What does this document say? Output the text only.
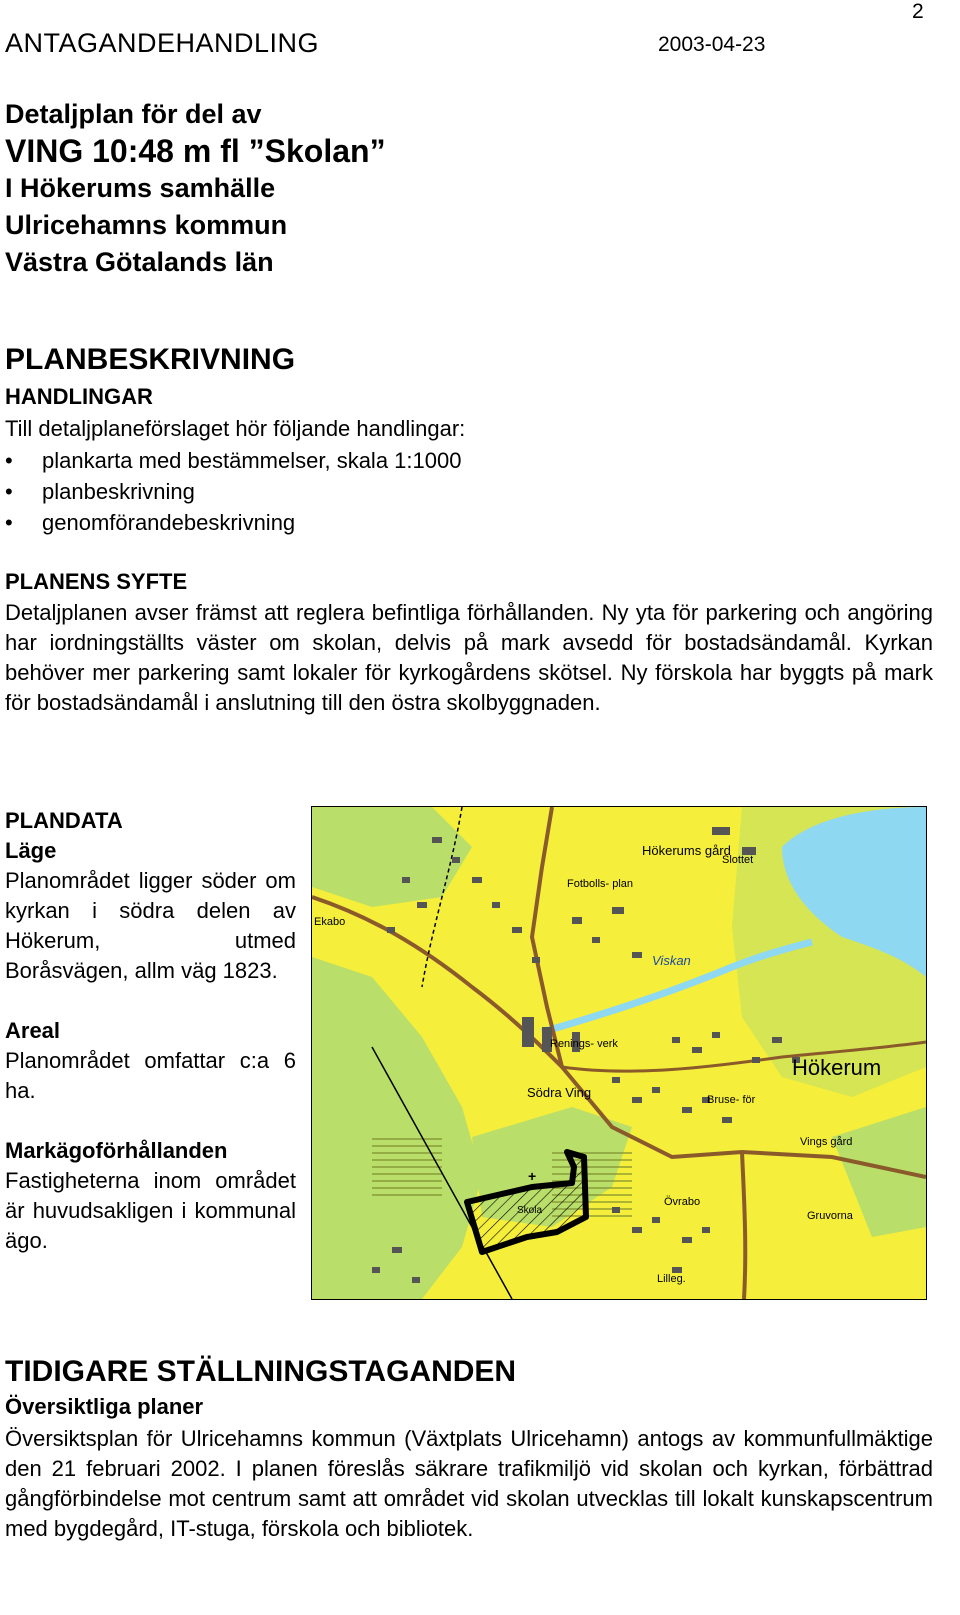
ANTAGANDEHANDLING	2003-04-23
2
Detaljplan för del av
VING 10:48 m fl ”Skolan”
I Hökerums samhälle
Ulricehamns kommun
Västra Götalands län
PLANBESKRIVNING
HANDLINGAR
Till detaljplaneförslaget hör följande handlingar:
• plankarta med bestämmelser, skala 1:1000
• planbeskrivning
• genomförandebeskrivning
PLANENS SYFTE
Detaljplanen avser främst att reglera befintliga förhållanden. Ny yta för parkering och angöring har iordningställts väster om skolan, delvis på mark avsedd för bostadsändamål. Kyrkan behöver mer parkering samt lokaler för kyrkogårdens skötsel. Ny förskola har byggts på mark för bostadsändamål i anslutning till den östra skolbyggnaden.
PLANDATA
Läge
Planområdet ligger söder om kyrkan i södra delen av Hökerum, utmed Boråsvägen, allm väg 1823.
Areal
Planområdet omfattar c:a 6 ha.
Markägoförhållanden
Fastigheterna inom området är huvudsakligen i kommunal ägo.
+
Hökerums gård
Slottet
Fotbolls- plan
Ekabo
Viskan
Renings- verk
Hökerum
Södra Ving	Bruse- för
Vings gård
Övrabo
Gruvorna
Skola
Lilleg.
TIDIGARE STÄLLNINGSTAGANDEN
Översiktliga planer
Översiktsplan för Ulricehamns kommun (Växtplats Ulricehamn) antogs av kommunfullmäktige den 21 februari 2002. I planen föreslås säkrare trafikmiljö vid skolan och kyrkan, förbättrad gångförbindelse mot centrum samt att området vid skolan utvecklas till lokalt kunskapscentrum med bygdegård, IT-stuga, förskola och bibliotek.
